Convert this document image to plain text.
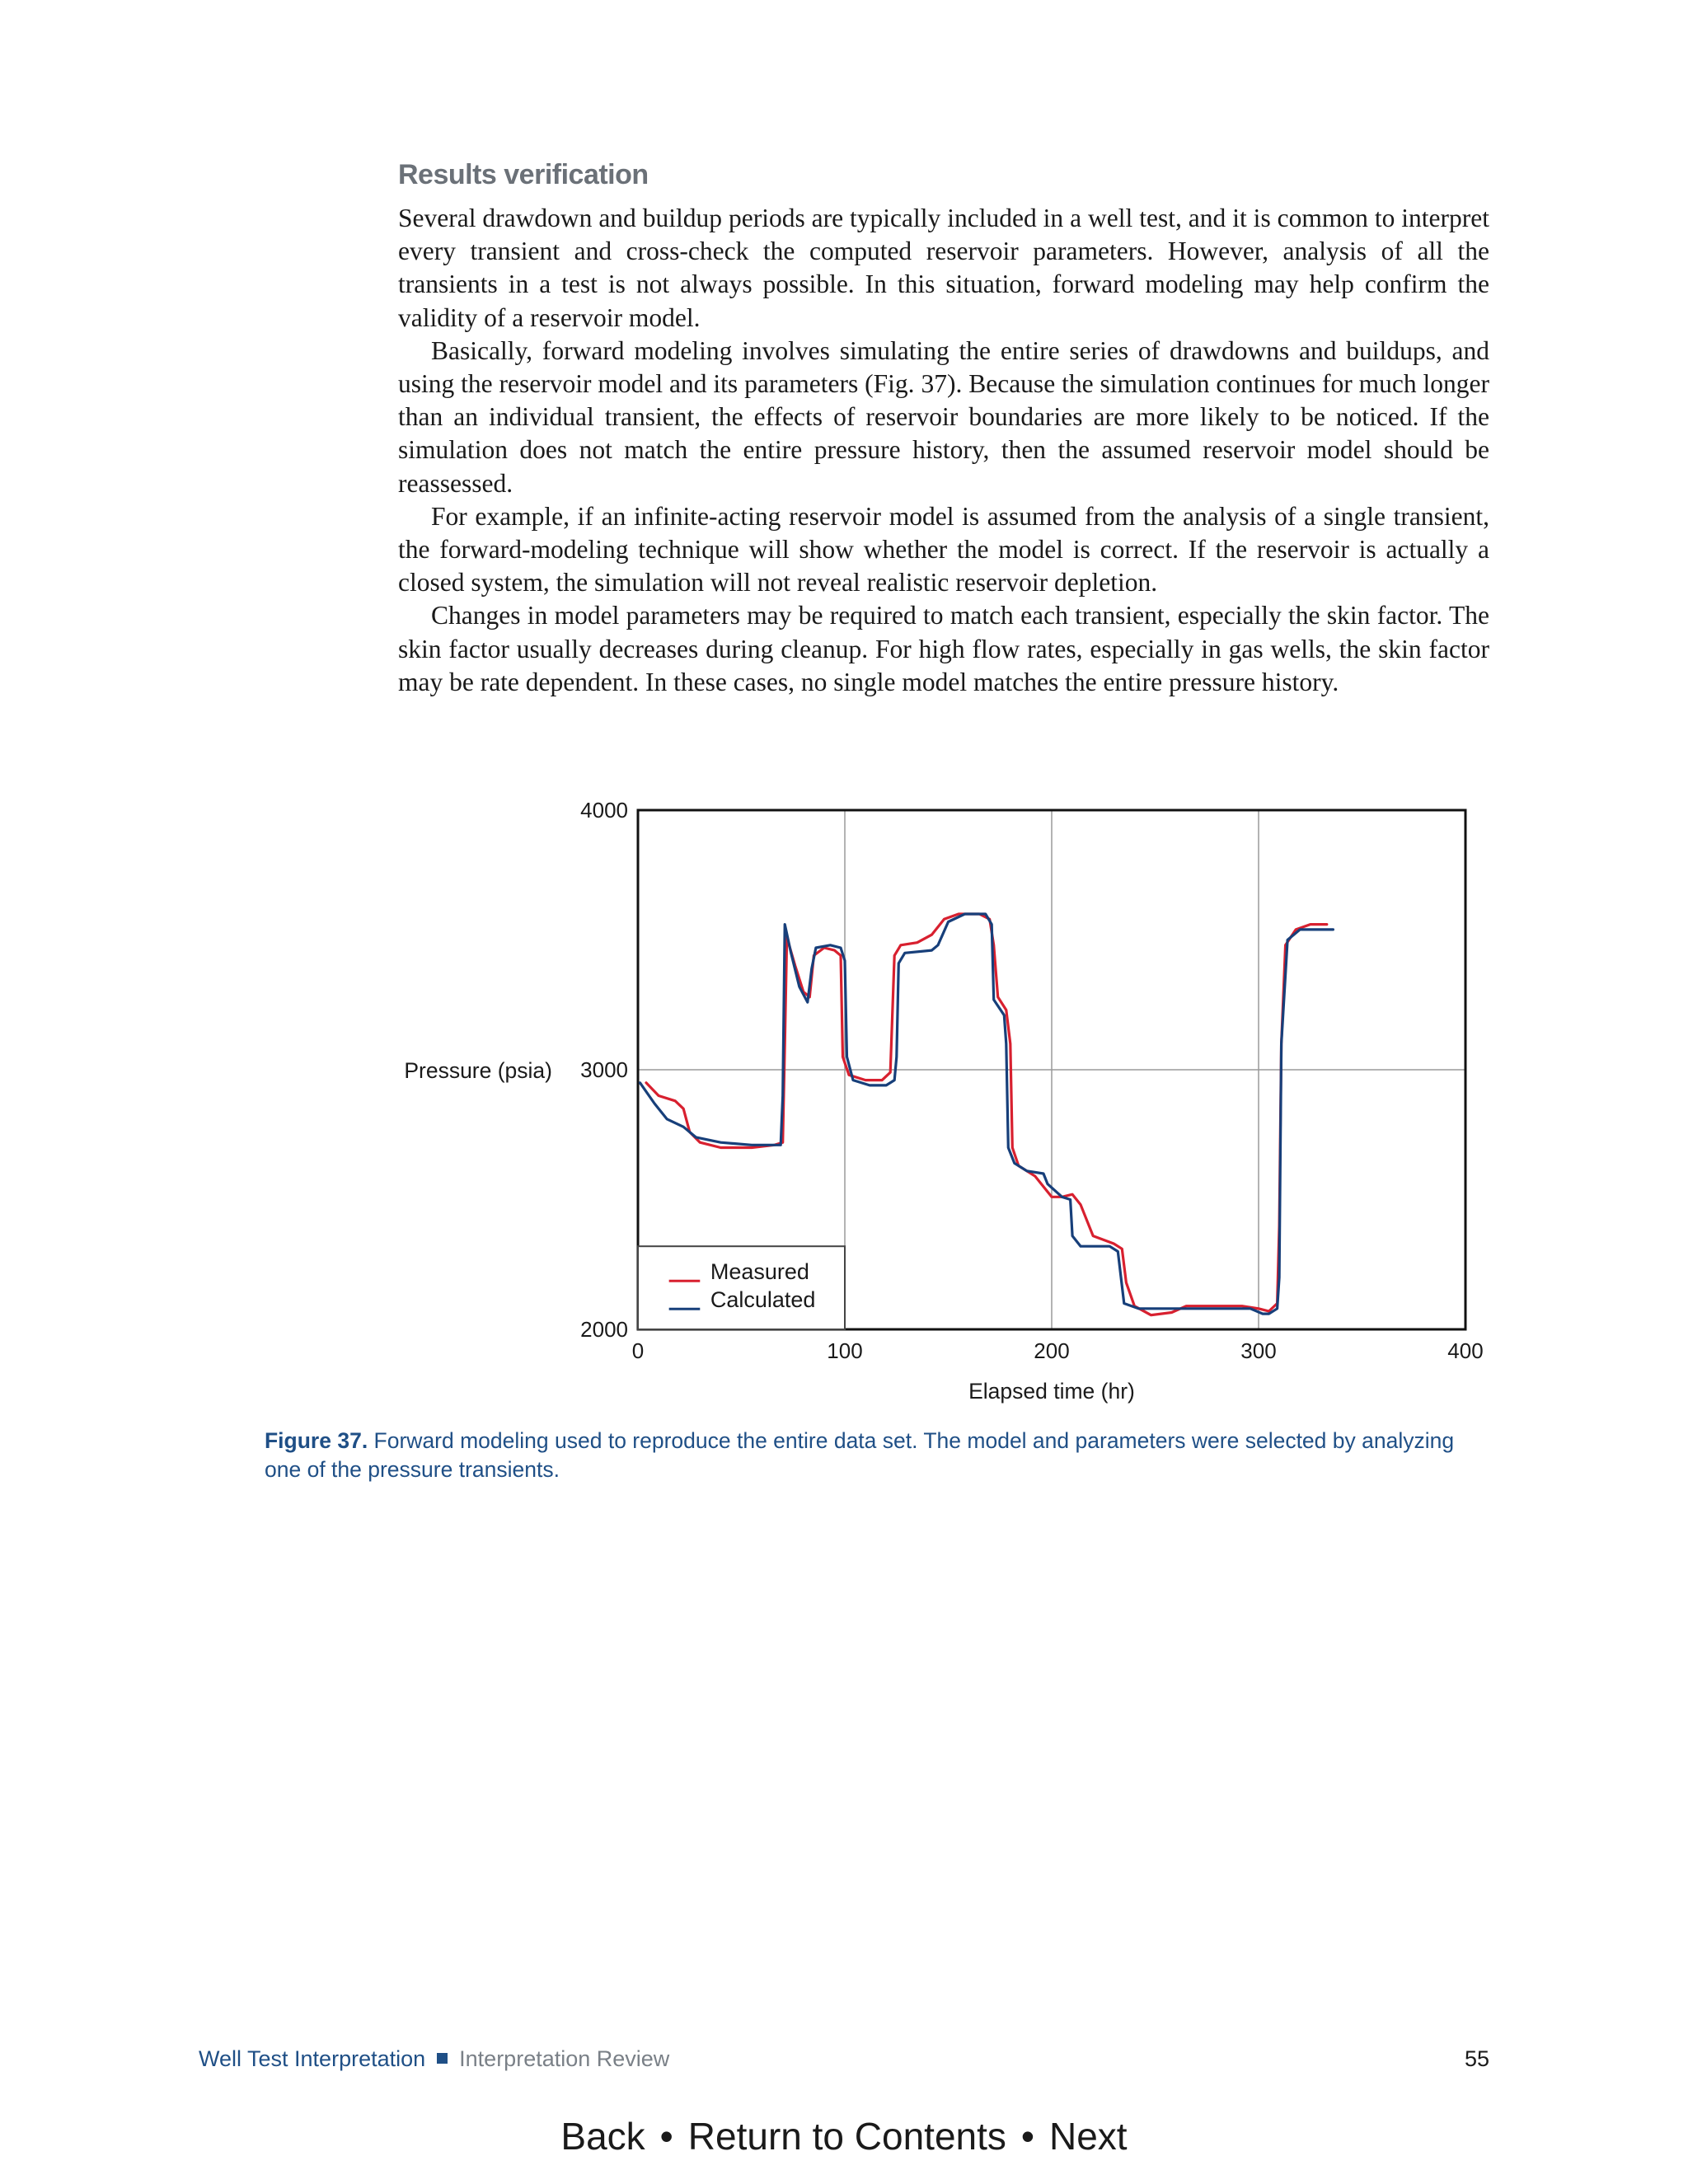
Results verification

Several drawdown and buildup periods are typically included in a well test, and it is common to interpret every transient and cross-check the computed reservoir parameters. However, analysis of all the transients in a test is not always possible. In this situation, forward modeling may help confirm the validity of a reservoir model.

Basically, forward modeling involves simulating the entire series of drawdowns and buildups, and using the reservoir model and its parameters (Fig. 37). Because the simulation continues for much longer than an individual transient, the effects of reservoir boundaries are more likely to be noticed. If the simulation does not match the entire pressure history, then the assumed reservoir model should be reassessed.

For example, if an infinite-acting reservoir model is assumed from the analysis of a single transient, the forward-modeling technique will show whether the model is correct. If the reservoir is actually a closed system, the simulation will not reveal realistic reservoir depletion.

Changes in model parameters may be required to match each transient, especially the skin factor. The skin factor usually decreases during cleanup. For high flow rates, especially in gas wells, the skin factor may be rate dependent. In these cases, no single model matches the entire pressure history.

0	100	200	300	400
2000
3000
4000
Pressure (psia)
Elapsed time (hr)
Measured
Calculated

Figure 37. Forward modeling used to reproduce the entire data set. The model and parameters were selected by analyzing one of the pressure transients.

Well Test Interpretation Interpretation Review	55
Back • Return to Contents • Next
